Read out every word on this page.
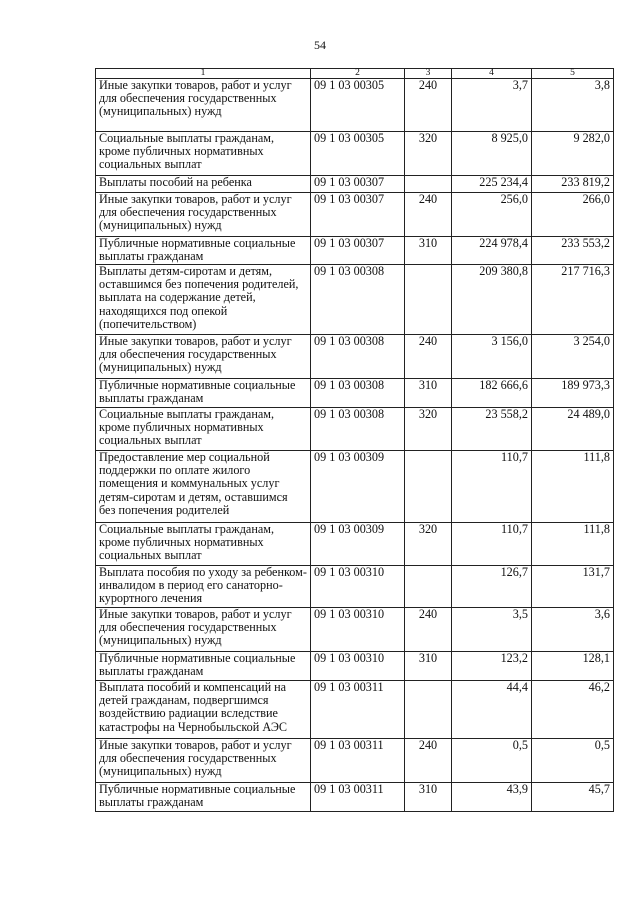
54
1	2	3	4	5
Иные закупки товаров, работ и услуг для обеспечения государственных (муниципальных) нужд	09 1 03 00305	240	3,7	3,8
Социальные выплаты гражданам, кроме публичных нормативных социальных выплат	09 1 03 00305	320	8 925,0	9 282,0
Выплаты пособий на ребенка	09 1 03 00307		225 234,4	233 819,2
Иные закупки товаров, работ и услуг для обеспечения государственных (муниципальных) нужд	09 1 03 00307	240	256,0	266,0
Публичные нормативные социальные выплаты гражданам	09 1 03 00307	310	224 978,4	233 553,2
Выплаты детям-сиротам и детям, оставшимся без попечения родителей, выплата на содержание детей, находящихся под опекой (попечительством)	09 1 03 00308		209 380,8	217 716,3
Иные закупки товаров, работ и услуг для обеспечения государственных (муниципальных) нужд	09 1 03 00308	240	3 156,0	3 254,0
Публичные нормативные социальные выплаты гражданам	09 1 03 00308	310	182 666,6	189 973,3
Социальные выплаты гражданам, кроме публичных нормативных социальных выплат	09 1 03 00308	320	23 558,2	24 489,0
Предоставление мер социальной поддержки по оплате жилого помещения и коммунальных услуг детям-сиротам и детям, оставшимся без попечения родителей	09 1 03 00309		110,7	111,8
Социальные выплаты гражданам, кроме публичных нормативных социальных выплат	09 1 03 00309	320	110,7	111,8
Выплата пособия по уходу за ребенком-инвалидом в период его санаторно-курортного лечения	09 1 03 00310		126,7	131,7
Иные закупки товаров, работ и услуг для обеспечения государственных (муниципальных) нужд	09 1 03 00310	240	3,5	3,6
Публичные нормативные социальные выплаты гражданам	09 1 03 00310	310	123,2	128,1
Выплата пособий и компенсаций на детей гражданам, подвергшимся воздействию радиации вследствие катастрофы на Чернобыльской АЭС	09 1 03 00311		44,4	46,2
Иные закупки товаров, работ и услуг для обеспечения государственных (муниципальных) нужд	09 1 03 00311	240	0,5	0,5
Публичные нормативные социальные выплаты гражданам	09 1 03 00311	310	43,9	45,7
